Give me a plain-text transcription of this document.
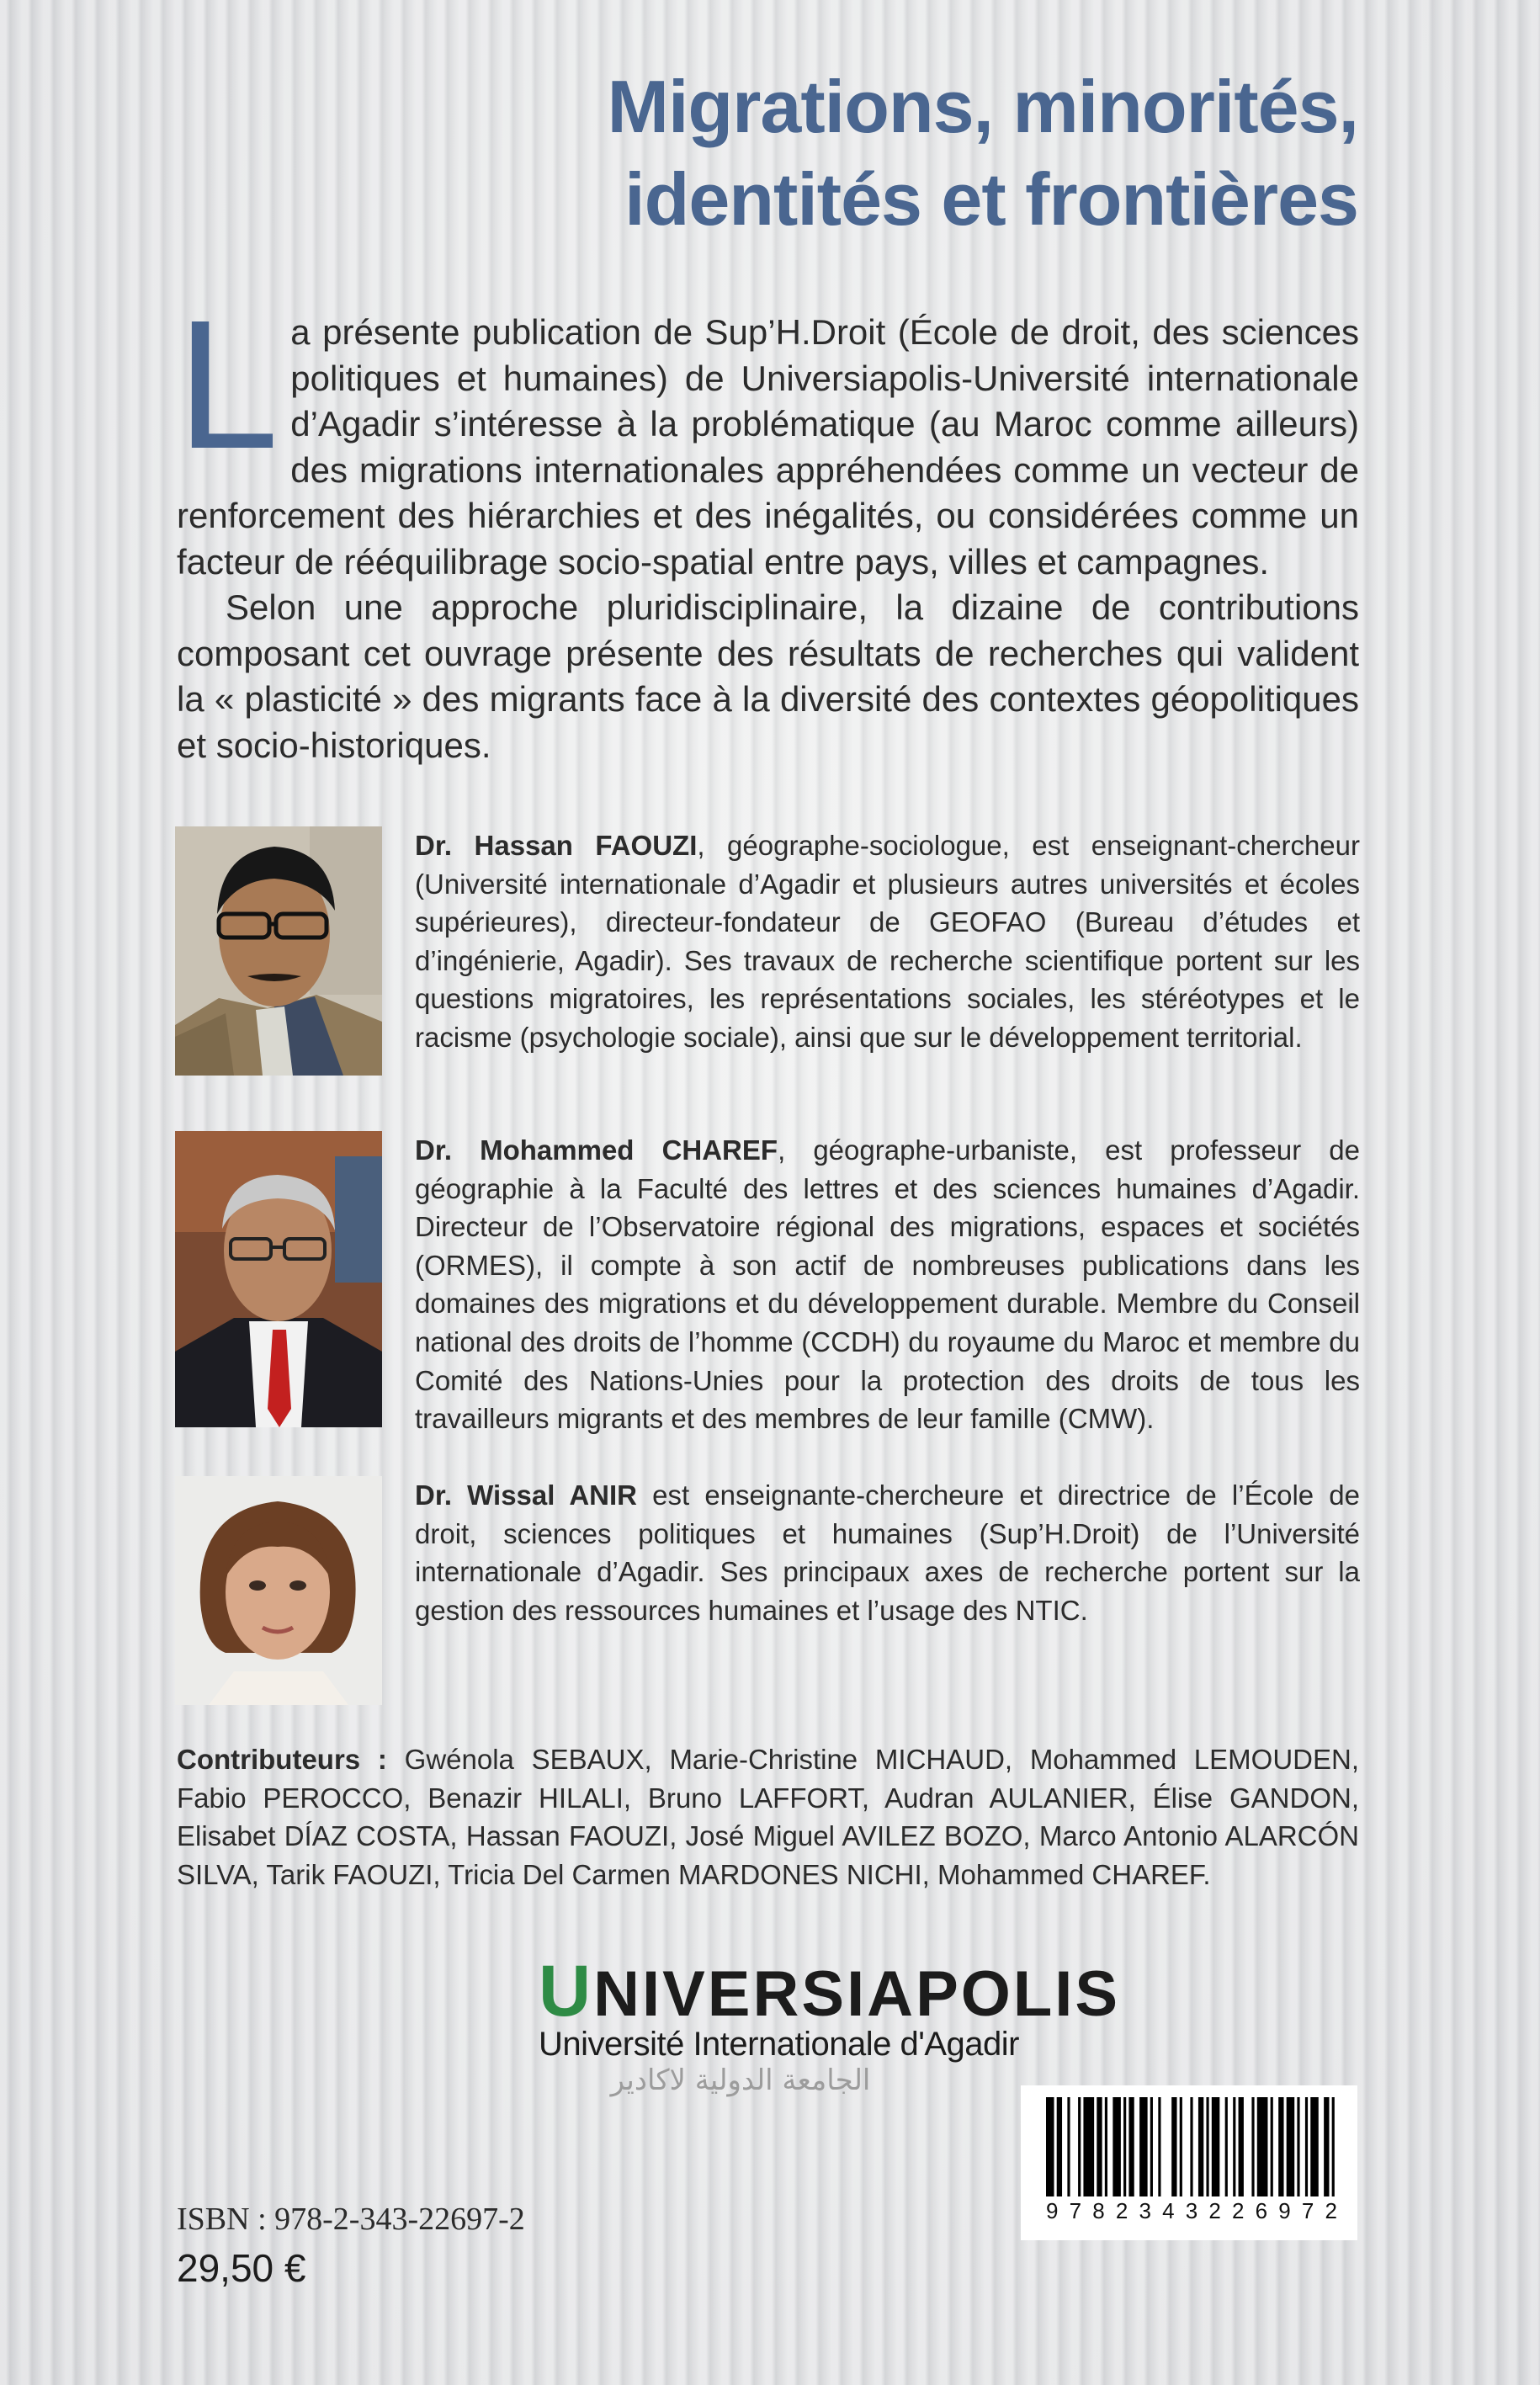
Migrations, minorités,
identités et frontières

La présente publication de Sup’H.Droit (École de droit, des sciences politiques et humaines) de Universiapolis-Université internationale d’Agadir s’intéresse à la problématique (au Maroc comme ailleurs) des migrations internationales appréhendées comme un vecteur de renforcement des hiérarchies et des inégalités, ou considérées comme un facteur de rééquilibrage socio-spatial entre pays, villes et campagnes.

Selon une approche pluridisciplinaire, la dizaine de contributions composant cet ouvrage présente des résultats de recherches qui valident la « plasticité » des migrants face à la diversité des contextes géopolitiques et socio-historiques.

Dr. Hassan FAOUZI, géographe-sociologue, est enseignant-chercheur (Université internationale d’Agadir et plusieurs autres universités et écoles supérieures), directeur-fondateur de GEOFAO (Bureau d’études et d’ingénierie, Agadir). Ses travaux de recherche scientifique portent sur les questions migratoires, les représentations sociales, les stéréotypes et le racisme (psychologie sociale), ainsi que sur le développement territorial.

Dr. Mohammed CHAREF, géographe-urbaniste, est professeur de géographie à la Faculté des lettres et des sciences humaines d’Agadir. Directeur de l’Observatoire régional des migrations, espaces et sociétés (ORMES), il compte à son actif de nombreuses publications dans les domaines des migrations et du développement durable. Membre du Conseil national des droits de l’homme (CCDH) du royaume du Maroc et membre du Comité des Nations-Unies pour la protection des droits de tous les travailleurs migrants et des membres de leur famille (CMW).

Dr. Wissal ANIR est enseignante-chercheure et directrice de l’École de droit, sciences politiques et humaines (Sup’H.Droit) de l’Université internationale d’Agadir. Ses principaux axes de recherche portent sur la gestion des ressources humaines et l’usage des NTIC.

Contributeurs : Gwénola SEBAUX, Marie-Christine MICHAUD, Mohammed LEMOUDEN, Fabio PEROCCO, Benazir HILALI, Bruno LAFFORT, Audran AULANIER, Élise GANDON, Elisabet DÍAZ COSTA, Hassan FAOUZI, José Miguel AVILEZ BOZO, Marco Antonio ALARCÓN SILVA, Tarik FAOUZI, Tricia Del Carmen MARDONES NICHI, Mohammed CHAREF.

UNIVERSIAPOLIS
Université Internationale d'Agadir
الجامعة الدولية لاكادير
9 7 8 2 3 4 3 2 2 6 9 7 2

ISBN : 978-2-343-22697-2

29,50 €
